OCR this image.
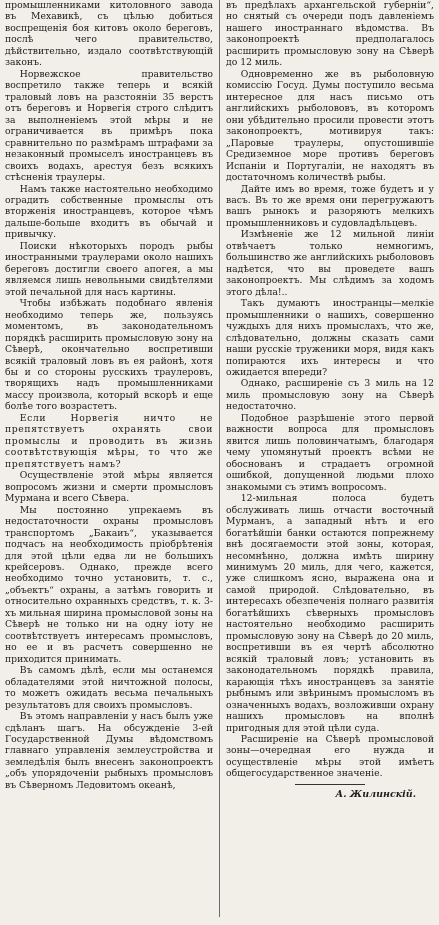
промышленниками китоловного завода въ Мехавикѣ, съ цѣлью добиться воспрещенія боя китовъ около береговъ, послѣ чего правительство, дѣйствительно, издало соотвѣтствующій законъ.

Норвежское правительство воспретило также теперь и всякій траловый ловъ на разстояніи 35 верстъ отъ береговъ и Норвегія строго слѣдитъ за выполненіемъ этой мѣры и не ограничивается въ примѣръ пока сравнительно по размѣрамъ штрафами за незаконный промыселъ иностранцевъ въ своихъ водахъ, арестуя безъ всякихъ стѣсненія траулеры.

Намъ также настоятельно необходимо оградить собственные промыслы отъ вторженія иностранцевъ, которое чѣмъ дальше-больше входитъ въ обычай и привычку.

Поиски нѣкоторыхъ породъ рыбы иностранными траулерами около нашихъ береговъ достигли своего апогея, а мы являемся лишь невольными свидѣтелями этой печальной для насъ картины.

Чтобы избѣжать подобнаго явленія необходимо теперь же, пользуясь моментомъ, въ законодательномъ порядкѣ расширить промысловую зону на Сѣверѣ, окончательно воспретивши всякій траловый ловъ въ ея районѣ, хотя бы и со стороны русскихъ траулеровъ, творящихъ надъ промышленниками массу произвола, который вскорѣ и еще болѣе того возрастетъ.

Если Норвегія ничто не препятствуетъ охранять свои промыслы и проводить въ жизнь соотвѣтствующія мѣры, то что же препятствуетъ намъ?

Осуществленіе этой мѣры является вопросомъ жизни и смерти промысловъ Мурмана и всего Сѣвера.

Мы постоянно упрекаемъ въ недостаточности охраны промысловъ транспортомъ „Бакаиъ“, указывается подчасъ на необходимость пріобрѣтенія для этой цѣли едва ли не большихъ крейсеровъ. Однако, прежде всего необходимо точно установить, т. с., „объектъ“ охраны, а затѣмъ говорить и относительно охранныхъ средствъ, т. к. 3-хъ мильная ширина промысловой зоны на Сѣверѣ не только ни на одну іоту не соотвѣтствуетъ интересамъ промысловъ, но ее и въ расчетъ совершенно не приходится принимать.

Въ самомъ дѣлѣ, если мы останемся обладателями этой ничтожной полосы, то можетъ ожидать весьма печальныхъ результатовъ для своихъ промысловъ.

Въ этомъ направленіи у насъ былъ уже сдѣланъ шагъ. На обсужденіе 3-ей Государственной Думы вѣдомствомъ главнаго управленія землеустройства и земледѣлія былъ внесенъ законопроектъ „объ упорядоченіи рыбныхъ промысловъ въ Сѣверномъ Ледовитомъ океанѣ,

въ предѣлахъ архангельской губерніи“, но снятый съ очереди подъ давленіемъ нашего иностраннаго вѣдомства. Въ законопроектѣ предполагалось расширить промысловую зону на Сѣверѣ до 12 миль.

Одновременно же въ рыболовную комиссію Госуд. Думы поступило весьма интересное для насъ письмо отъ английскихъ рыболововъ, въ которомъ они убѣдительно просили провести этотъ законопроектъ, мотивируя такъ: „Паровые траулеры, опустошившіе Средиземное море противъ береговъ Испаніи и Португаліи, не находятъ въ достаточномъ количествѣ рыбы.

Дайте имъ во время, тоже будетъ и у васъ. Въ то же время они перегружаютъ вашъ рынокъ и разоряютъ мелкихъ промышленниковъ и судовладѣльцевъ.

Измѣненіе же 12 мильной линіи отвѣчаетъ только немногимъ, большинство же английскихъ рыболововъ надѣется, что вы проведете вашъ законопроектъ. Мы слѣдимъ за ходомъ этого дѣла!..

Такъ думаютъ иностранцы—мелкіе промышленники о нашихъ, совершенно чуждыхъ для нихъ промыслахъ, что же, слѣдовательно, должны сказать сами наши русскіе труженики моря, видя какъ попираются ихъ интересы и что ожидается впереди?

Однако, расширеніе съ 3 миль на 12 миль промысловую зону на Сѣверѣ недостаточно.

Подобное разрѣшеніе этого первой важности вопроса для промысловъ явится лишь половинчатымъ, благодаря чему упомянутый проектъ всѣми не обоснованъ и страдаетъ огромной ошибкой, допущенной людьми плохо знакомыми съ этимъ вопросомъ.

12-мильная полоса будетъ обслуживать лишь отчасти восточный Мурманъ, а западный нѣтъ и его богатѣйшіи банки остаются попрежнему внѣ досягаемости этой зоны, которая, несомнѣнно, должна имѣть ширину минимумъ 20 миль, для чего, кажется, уже слишкомъ ясно, выражена она и самой природой. Слѣдовательно, въ интересахъ обезпеченія полнаго развитія богатѣйшихъ сѣверныхъ промысловъ настоятельно необходимо расширить промысловую зону на Сѣверѣ до 20 миль, воспретивши въ ея чертѣ абсолютно всякій траловый ловъ; установить въ законодательномъ порядкѣ правила, карающія тѣхъ иностранцевъ за занятіе рыбнымъ или звѣринымъ промысломъ въ означенныхъ водахъ, возложивши охрану нашихъ промысловъ на вполнѣ пригодныя для этой цѣли суда.

Расширеніе на Сѣверѣ промысловой зоны—очередная его нужда и осуществленіе мѣры этой имѣетъ общегосударственное значеніе.

А. Жилинскій.
